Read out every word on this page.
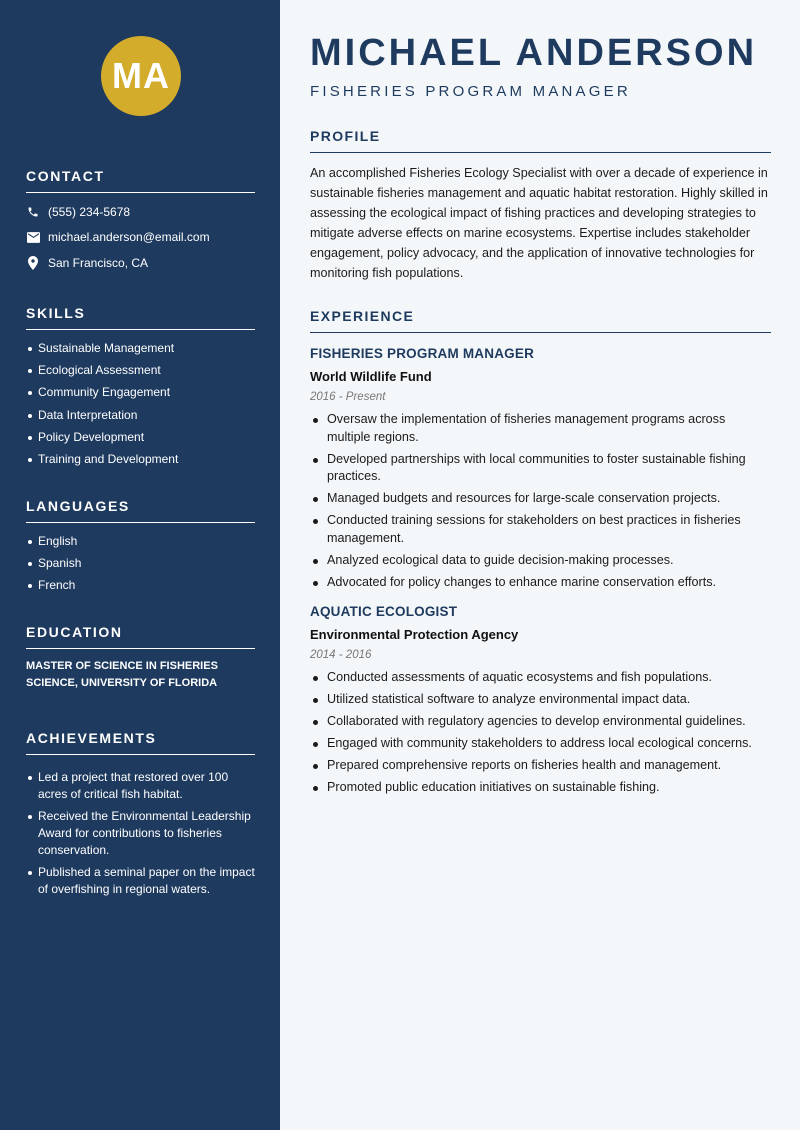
MA
CONTACT
(555) 234-5678
michael.anderson@email.com
San Francisco, CA
SKILLS
Sustainable Management
Ecological Assessment
Community Engagement
Data Interpretation
Policy Development
Training and Development
LANGUAGES
English
Spanish
French
EDUCATION
MASTER OF SCIENCE IN FISHERIES SCIENCE, UNIVERSITY OF FLORIDA
ACHIEVEMENTS
Led a project that restored over 100 acres of critical fish habitat.
Received the Environmental Leadership Award for contributions to fisheries conservation.
Published a seminal paper on the impact of overfishing in regional waters.
MICHAEL ANDERSON
FISHERIES PROGRAM MANAGER
PROFILE
An accomplished Fisheries Ecology Specialist with over a decade of experience in sustainable fisheries management and aquatic habitat restoration. Highly skilled in assessing the ecological impact of fishing practices and developing strategies to mitigate adverse effects on marine ecosystems. Expertise includes stakeholder engagement, policy advocacy, and the application of innovative technologies for monitoring fish populations.
EXPERIENCE
FISHERIES PROGRAM MANAGER
World Wildlife Fund
2016 - Present
Oversaw the implementation of fisheries management programs across multiple regions.
Developed partnerships with local communities to foster sustainable fishing practices.
Managed budgets and resources for large-scale conservation projects.
Conducted training sessions for stakeholders on best practices in fisheries management.
Analyzed ecological data to guide decision-making processes.
Advocated for policy changes to enhance marine conservation efforts.
AQUATIC ECOLOGIST
Environmental Protection Agency
2014 - 2016
Conducted assessments of aquatic ecosystems and fish populations.
Utilized statistical software to analyze environmental impact data.
Collaborated with regulatory agencies to develop environmental guidelines.
Engaged with community stakeholders to address local ecological concerns.
Prepared comprehensive reports on fisheries health and management.
Promoted public education initiatives on sustainable fishing.
